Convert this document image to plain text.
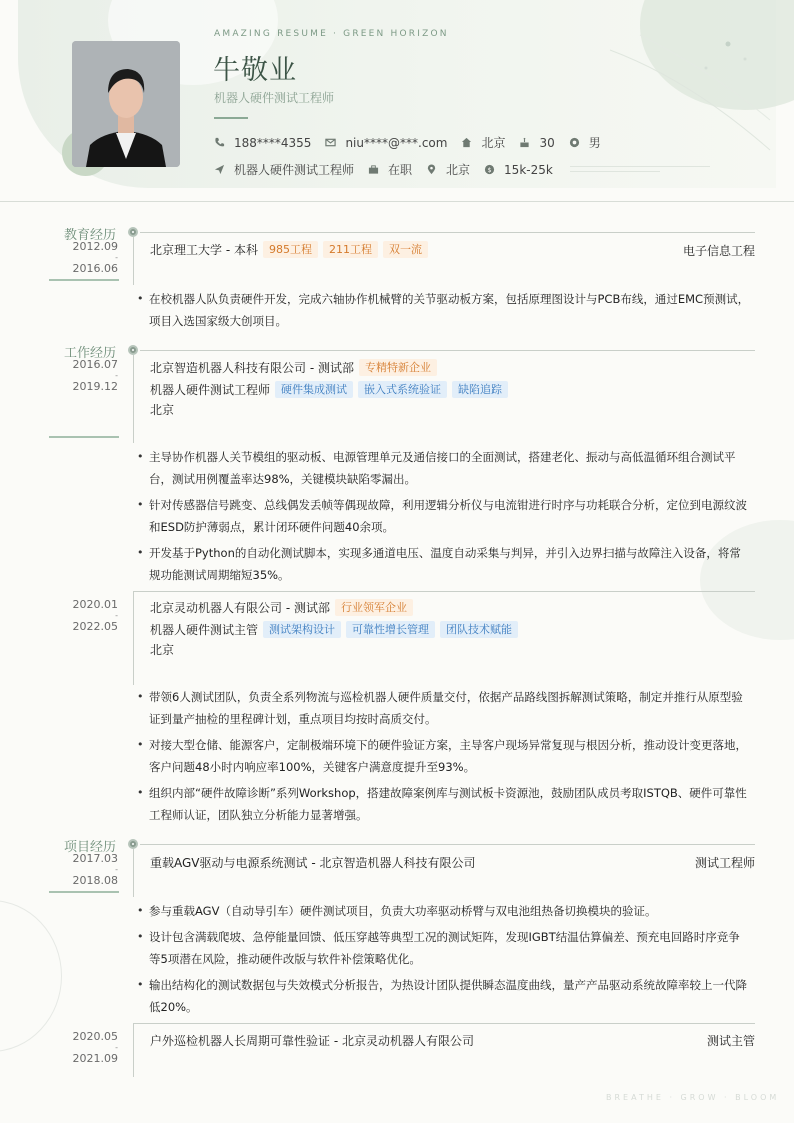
AMAZING RESUME · GREEN HORIZON
牛敬业
机器人硬件测试工程师
188****4355	niu****@***.com	北京	30	男
机器人硬件测试工程师	在职	北京 $ 15k-25k
教育经历
2012.09
-
2016.06
北京理工大学 - 本科	985工程	211工程	双一流	电子信息工程
• 在校机器人队负责硬件开发，完成六轴协作机械臂的关节驱动板方案，包括原理图设计与PCB布线，通过EMC预测试，项目入选国家级大创项目。
工作经历
2016.07
-
2019.12
北京智造机器人科技有限公司 - 测试部	专精特新企业
机器人硬件测试工程师	硬件集成测试	嵌入式系统验证	缺陷追踪
北京
• 主导协作机器人关节模组的驱动板、电源管理单元及通信接口的全面测试，搭建老化、振动与高低温循环组合测试平台，测试用例覆盖率达98%，关键模块缺陷零漏出。
• 针对传感器信号跳变、总线偶发丢帧等偶现故障，利用逻辑分析仪与电流钳进行时序与功耗联合分析，定位到电源纹波和ESD防护薄弱点，累计闭环硬件问题40余项。
• 开发基于Python的自动化测试脚本，实现多通道电压、温度自动采集与判异，并引入边界扫描与故障注入设备，将常规功能测试周期缩短35%。
2020.01
-
2022.05
北京灵动机器人有限公司 - 测试部	行业领军企业
机器人硬件测试主管	测试架构设计	可靠性增长管理	团队技术赋能
北京
• 带领6人测试团队，负责全系列物流与巡检机器人硬件质量交付，依据产品路线图拆解测试策略，制定并推行从原型验证到量产抽检的里程碑计划，重点项目均按时高质交付。
• 对接大型仓储、能源客户，定制极端环境下的硬件验证方案，主导客户现场异常复现与根因分析，推动设计变更落地，客户问题48小时内响应率100%，关键客户满意度提升至93%。
• 组织内部“硬件故障诊断”系列Workshop，搭建故障案例库与测试板卡资源池，鼓励团队成员考取ISTQB、硬件可靠性工程师认证，团队独立分析能力显著增强。
项目经历
2017.03
-
2018.08
重载AGV驱动与电源系统测试 - 北京智造机器人科技有限公司	测试工程师
• 参与重载AGV（自动导引车）硬件测试项目，负责大功率驱动桥臂与双电池组热备切换模块的验证。
• 设计包含满载爬坡、急停能量回馈、低压穿越等典型工况的测试矩阵，发现IGBT结温估算偏差、预充电回路时序竞争等5项潜在风险，推动硬件改版与软件补偿策略优化。
• 输出结构化的测试数据包与失效模式分析报告，为热设计团队提供瞬态温度曲线，量产产品驱动系统故障率较上一代降低20%。
2020.05
-
2021.09
户外巡检机器人长周期可靠性验证 - 北京灵动机器人有限公司	测试主管
BREATHE · GROW · BLOOM
